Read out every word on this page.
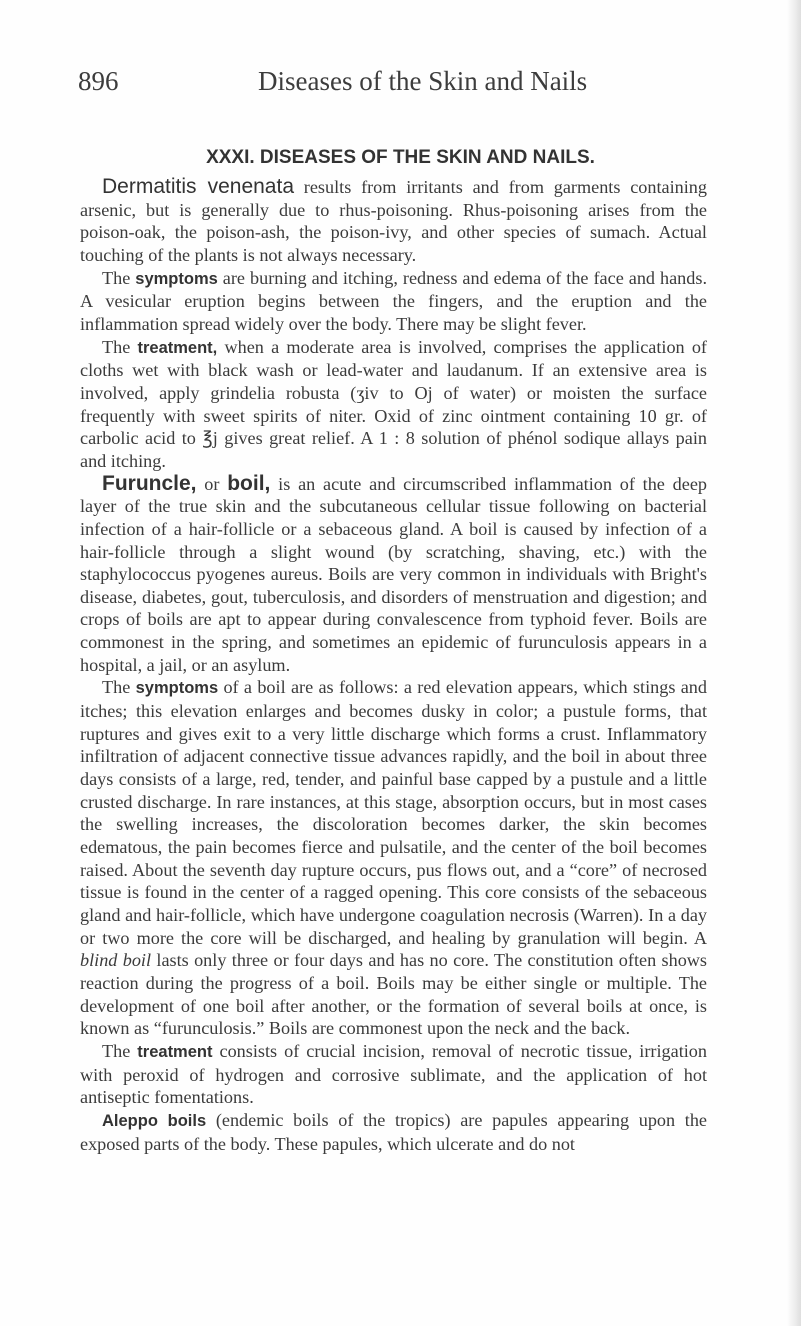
896	Diseases of the Skin and Nails
XXXI. DISEASES OF THE SKIN AND NAILS.

Dermatitis venenata results from irritants and from garments containing arsenic, but is generally due to rhus-poisoning. Rhus-poisoning arises from the poison-oak, the poison-ash, the poison-ivy, and other species of sumach. Actual touching of the plants is not always necessary.

The symptoms are burning and itching, redness and edema of the face and hands. A vesicular eruption begins between the fingers, and the eruption and the inflammation spread widely over the body. There may be slight fever.

The treatment, when a moderate area is involved, comprises the application of cloths wet with black wash or lead-water and laudanum. If an extensive area is involved, apply grindelia robusta (ʒiv to Oj of water) or moisten the surface frequently with sweet spirits of niter. Oxid of zinc ointment containing 10 gr. of carbolic acid to ℥j gives great relief. A 1 : 8 solution of phénol sodique allays pain and itching.

Furuncle, or boil, is an acute and circumscribed inflammation of the deep layer of the true skin and the subcutaneous cellular tissue following on bacterial infection of a hair-follicle or a sebaceous gland. A boil is caused by infection of a hair-follicle through a slight wound (by scratching, shaving, etc.) with the staphylococcus pyogenes aureus. Boils are very common in individuals with Bright's disease, diabetes, gout, tuberculosis, and disorders of menstruation and digestion; and crops of boils are apt to appear during convalescence from typhoid fever. Boils are commonest in the spring, and sometimes an epidemic of furunculosis appears in a hospital, a jail, or an asylum.

The symptoms of a boil are as follows: a red elevation appears, which stings and itches; this elevation enlarges and becomes dusky in color; a pustule forms, that ruptures and gives exit to a very little discharge which forms a crust. Inflammatory infiltration of adjacent connective tissue advances rapidly, and the boil in about three days consists of a large, red, tender, and painful base capped by a pustule and a little crusted discharge. In rare instances, at this stage, absorption occurs, but in most cases the swelling increases, the discoloration becomes darker, the skin becomes edematous, the pain becomes fierce and pulsatile, and the center of the boil becomes raised. About the seventh day rupture occurs, pus flows out, and a “core” of necrosed tissue is found in the center of a ragged opening. This core consists of the sebaceous gland and hair-follicle, which have undergone coagulation necrosis (Warren). In a day or two more the core will be discharged, and healing by granulation will begin. A blind boil lasts only three or four days and has no core. The constitution often shows reaction during the progress of a boil. Boils may be either single or multiple. The development of one boil after another, or the formation of several boils at once, is known as “furunculosis.” Boils are commonest upon the neck and the back.

The treatment consists of crucial incision, removal of necrotic tissue, irrigation with peroxid of hydrogen and corrosive sublimate, and the application of hot antiseptic fomentations.

Aleppo boils (endemic boils of the tropics) are papules appearing upon the exposed parts of the body. These papules, which ulcerate and do not
